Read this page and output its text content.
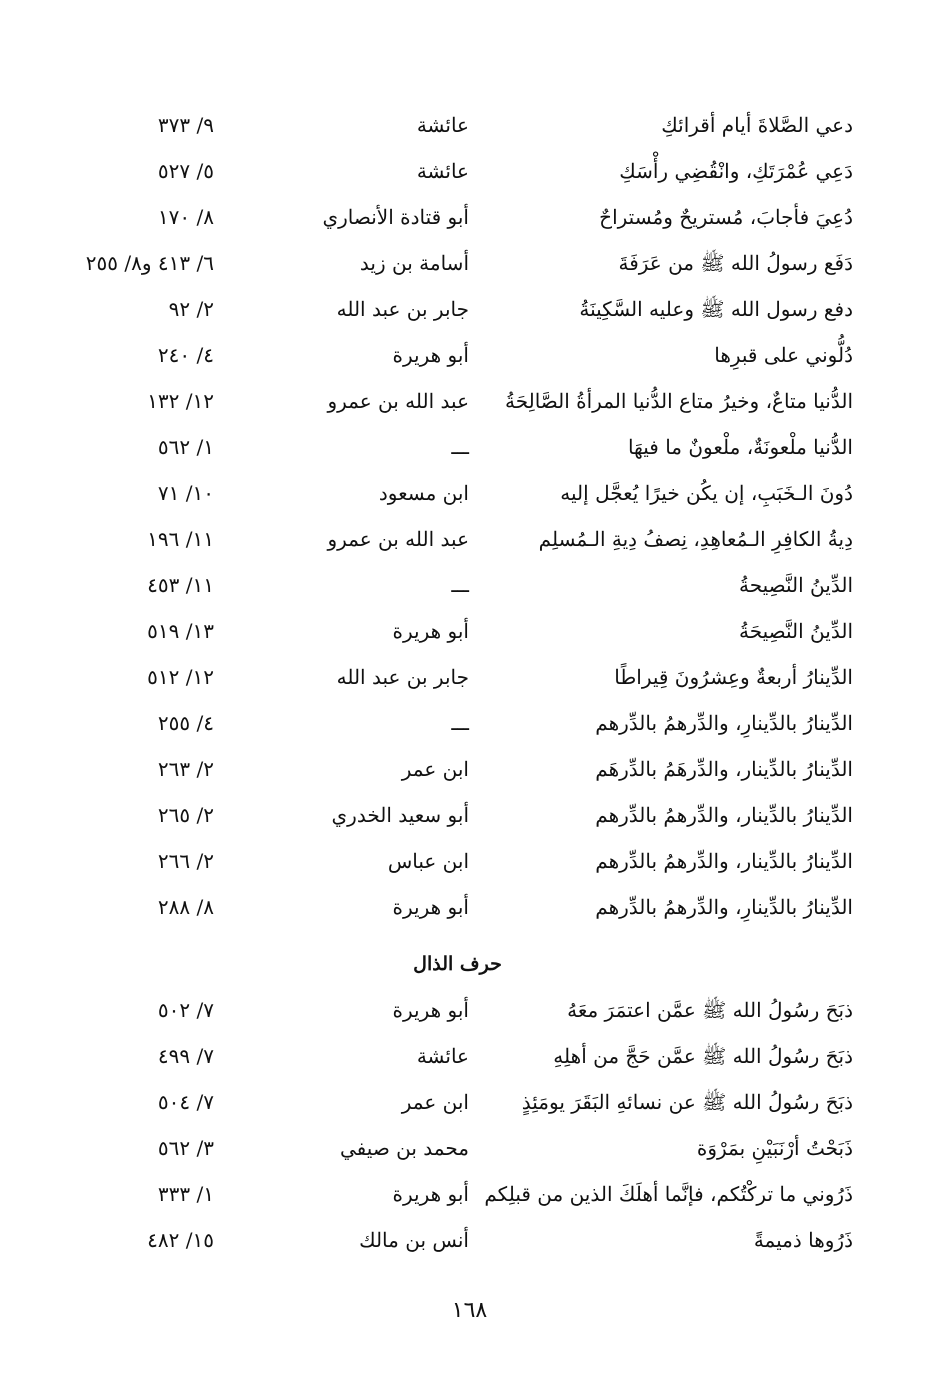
دعي الصَّلاةَ أيام أقرائكِ
عائشة
٩/ ٣٧٣
دَعِي عُمْرَتَكِ، وانْقُضِي رأْسَكِ
عائشة
٥/ ٥٢٧
دُعِيَ فأجابَ، مُستريحٌ ومُستراحٌ
أبو قتادة الأنصاري
٨/ ١٧٠
دَفَع رسولُ الله ﷺ من عَرَفَةَ
أسامة بن زيد
٦/ ٤١٣ و٨/ ٢٥٥
دفع رسول الله ﷺ وعليه السَّكِينَةُ
جابر بن عبد الله
٢/ ٩٢
دُلُّوني على قبرِها
أبو هريرة
٤/ ٢٤٠
الدُّنيا متاعٌ، وخيرُ متاع الدُّنيا المرأةُ الصَّالِحَةُ
عبد الله بن عمرو
١٢/ ١٣٢
الدُّنيا ملْعونَةٌ، ملْعونٌ ما فيهَا
ـــ
١/ ٥٦٢
دُونَ الـخَبَبِ، إن يكُن خيرًا يُعجَّل إليه
ابن مسعود
١٠/ ٧١
دِيةُ الكافِرِ الـمُعاهِدِ، نِصفُ دِيةِ الـمُسلِم
عبد الله بن عمرو
١١/ ١٩٦
الدِّينُ النَّصِيحةُ
ـــ
١١/ ٤٥٣
الدِّينُ النَّصِيحَةُ
أبو هريرة
١٣/ ٥١٩
الدِّينارُ أربعةٌ وعِشرُونَ قِيراطًا
جابر بن عبد الله
١٢/ ٥١٢
الدِّينارُ بالدِّينارِ، والدِّرهمُ بالدِّرهم
ـــ
٤/ ٢٥٥
الدِّينارُ بالدِّينار، والدِّرهَمُ بالدِّرهَم
ابن عمر
٢/ ٢٦٣
الدِّينارُ بالدِّينار، والدِّرهمُ بالدِّرهم
أبو سعيد الخدري
٢/ ٢٦٥
الدِّينارُ بالدِّينار، والدِّرهمُ بالدِّرهم
ابن عباس
٢/ ٢٦٦
الدِّينارُ بالدِّينارِ، والدِّرهمُ بالدِّرهم
أبو هريرة
٨/ ٢٨٨
حرف الذال
ذبَحَ رسُولُ الله ﷺ عمَّن اعتمَرَ معَهُ
أبو هريرة
٧/ ٥٠٢
ذبَحَ رسُولُ الله ﷺ عمَّن حَجَّ من أهلِهِ
عائشة
٧/ ٤٩٩
ذبَحَ رسُولُ الله ﷺ عن نسائهِ البَقَرَ يومَئِذٍ
ابن عمر
٧/ ٥٠٤
ذَبَحْتُ أرْنَبَيْنِ بمَرْوَة
محمد بن صيفي
٣/ ٥٦٢
ذَرُوني ما تركْتُكم، فإنَّما أهلَكَ الذين من قبلِكم
أبو هريرة
١/ ٣٣٣
ذَرُوها ذميمةً
أنس بن مالك
١٥/ ٤٨٢
١٦٨
